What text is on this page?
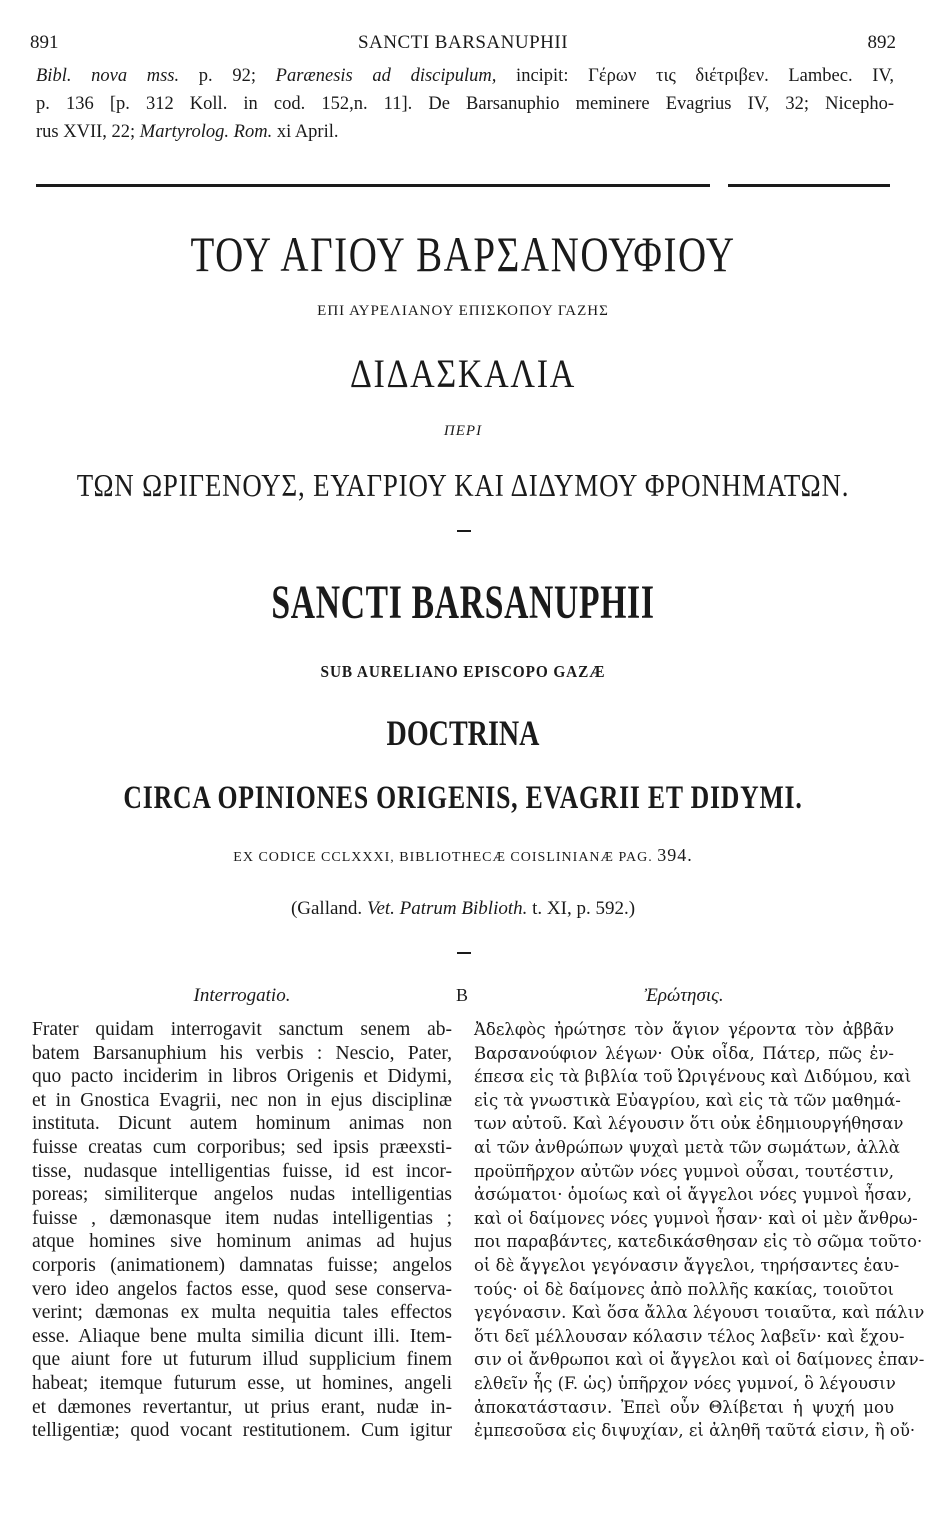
891	SANCTI BARSANUPHII	892
Bibl. nova mss. p. 92; Parænesis ad discipulum, incipit: Γέρων τις διέτριβεν. Lambec. IV,
p. 136 [p. 312 Koll. in cod. 152,n. 11]. De Barsanuphio meminere Evagrius IV, 32; Nicepho-
rus XVII, 22; Martyrolog. Rom. xi April.
ΤΟΥ ΑΓΙΟΥ ΒΑΡΣΑΝΟΥΦΙΟΥ
ΕΠΙ ΑΥΡΕΛΙΑΝΟΥ ΕΠΙΣΚΟΠΟΥ ΓΑΖΗΣ
ΔΙΔΑΣΚΑΛΙΑ
ΠΕΡΙ
ΤΩΝ ΩΡΙΓΕΝΟΥΣ, ΕΥΑΓΡΙΟΥ ΚΑΙ ΔΙΔΥΜΟΥ ΦΡΟΝΗΜΑΤΩΝ.
SANCTI BARSANUPHII
SUB AURELIANO EPISCOPO GAZÆ
DOCTRINA
CIRCA OPINIONES ORIGENIS, EVAGRII ET DIDYMI.
EX CODICE CCLXXXI, BIBLIOTHECÆ COISLINIANÆ PAG. 394.
(Galland. Vet. Patrum Biblioth. t. XI, p. 592.)
Interrogatio.	B	Ἐρώτησις.
Frater quidam interrogavit sanctum senem ab-
batem Barsanuphium his verbis : Nescio, Pater,
quo pacto inciderim in libros Origenis et Didymi,
et in Gnostica Evagrii, nec non in ejus disciplinæ
instituta. Dicunt autem hominum animas non
fuisse creatas cum corporibus; sed ipsis præexsti-
tisse, nudasque intelligentias fuisse, id est incor-
poreas; similiterque angelos nudas intelligentias
fuisse , dæmonasque item nudas intelligentias ;
atque homines sive hominum animas ad hujus
corporis (animationem) damnatas fuisse; angelos
vero ideo angelos factos esse, quod sese conserva-
verint; dæmonas ex multa nequitia tales effectos
esse. Aliaque bene multa similia dicunt illi. Item-
que aiunt fore ut futurum illud supplicium finem
habeat; itemque futurum esse, ut homines, angeli
et dæmones revertantur, ut prius erant, nudæ in-
telligentiæ; quod vocant restitutionem. Cum igitur
Ἀδελφὸς ἠρώτησε τὸν ἅγιον γέροντα τὸν ἀββᾶν
Βαρσανούφιον λέγων· Οὐκ οἶδα, Πάτερ, πῶς ἐν-
έπεσα εἰς τὰ βιβλία τοῦ Ὠριγένους καὶ Διδύμου, καὶ
εἰς τὰ γνωστικὰ Εὐαγρίου, καὶ εἰς τὰ τῶν μαθημά-
των αὐτοῦ. Καὶ λέγουσιν ὅτι οὐκ ἐδημιουργήθησαν
αἱ τῶν ἀνθρώπων ψυχαὶ μετὰ τῶν σωμάτων, ἀλλὰ
προϋπῆρχον αὐτῶν νόες γυμνοὶ οὖσαι, τουτέστιν,
ἀσώματοι· ὁμοίως καὶ οἱ ἄγγελοι νόες γυμνοὶ ἦσαν,
καὶ οἱ δαίμονες νόες γυμνοὶ ἦσαν· καὶ οἱ μὲν ἄνθρω-
ποι παραβάντες, κατεδικάσθησαν εἰς τὸ σῶμα τοῦτο·
οἱ δὲ ἄγγελοι γεγόνασιν ἄγγελοι, τηρήσαντες ἑαυ-
τούς· οἱ δὲ δαίμονες ἀπὸ πολλῆς κακίας, τοιοῦτοι
γεγόνασιν. Καὶ ὅσα ἄλλα λέγουσι τοιαῦτα, καὶ πάλιν
ὅτι δεῖ μέλλουσαν κόλασιν τέλος λαβεῖν· καὶ ἔχου-
σιν οἱ ἄνθρωποι καὶ οἱ ἄγγελοι καὶ οἱ δαίμονες ἐπαν-
ελθεῖν ἧς (F. ὡς) ὑπῆρχον νόες γυμνοί, ὃ λέγουσιν
ἀποκατάστασιν. Ἐπεὶ οὖν Θλίβεται ἡ ψυχή μου
ἐμπεσοῦσα εἰς διψυχίαν, εἰ ἀληθῆ ταῦτά εἰσιν, ἢ οὔ·
